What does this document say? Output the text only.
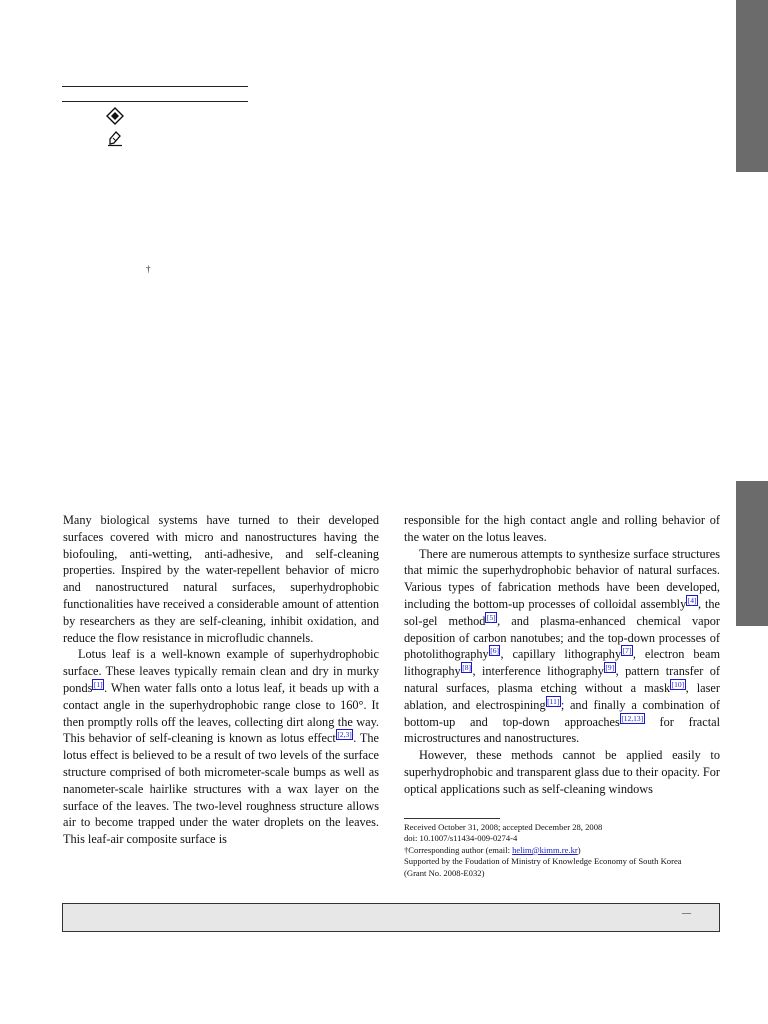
†

Many biological systems have turned to their developed surfaces covered with micro and nanostructures having the biofouling, anti-wetting, anti-adhesive, and self-cleaning properties. Inspired by the water-repellent behavior of micro and nanostructured natural surfaces, superhydrophobic functionalities have received a considerable amount of attention by researchers as they are self-cleaning, inhibit oxidation, and reduce the flow resistance in microfludic channels.

Lotus leaf is a well-known example of superhydrophobic surface. These leaves typically remain clean and dry in murky ponds [1] . When water falls onto a lotus leaf, it beads up with a contact angle in the superhydrophobic range close to 160°. It then promptly rolls off the leaves, collecting dirt along the way. This behavior of self-cleaning is known as lotus effect [2,3] . The lotus effect is believed to be a result of two levels of the surface structure comprised of both micrometer-scale bumps as well as nanometer-scale hairlike structures with a wax layer on the surface of the leaves. The two-level roughness structure allows air to become trapped under the water droplets on the leaves. This leaf-air composite surface is

responsible for the high contact angle and rolling behavior of the water on the lotus leaves.

There are numerous attempts to synthesize surface structures that mimic the superhydrophobic behavior of natural surfaces. Various types of fabrication methods have been developed, including the bottom-up processes of colloidal assembly [4] , the sol-gel method [5] , and plasma-enhanced chemical vapor deposition of carbon nanotubes; and the top-down processes of photolithography [6] , capillary lithography [7] , electron beam lithography [8] , interference lithography [9] , pattern transfer of natural surfaces, plasma etching without a mask [10] , laser ablation, and electrospining [11] ; and finally a combination of bottom-up and top-down approaches [12,13] for fractal microstructures and nanostructures.

However, these methods cannot be applied easily to superhydrophobic and transparent glass due to their opacity. For optical applications such as self-cleaning windows

Received October 31, 2008; accepted December 28, 2008
doi: 10.1007/s11434-009-0274-4
†Corresponding author (email: helim@kimm.re.kr)
Supported by the Foudation of Ministry of Knowledge Economy of South Korea
(Grant No. 2008-E032)
—
